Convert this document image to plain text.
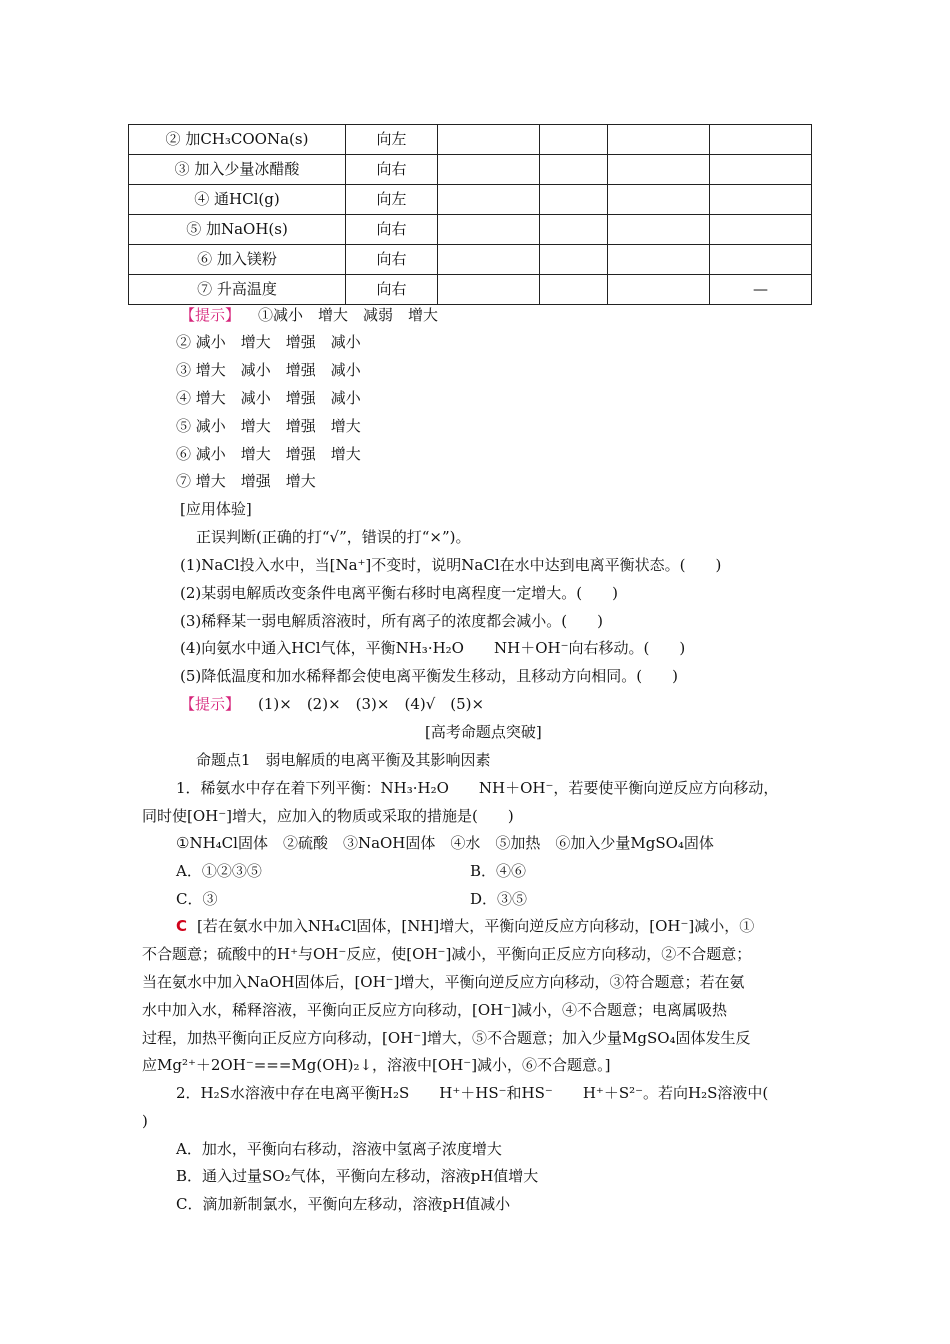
② 加CH₃COONa(s)	向左				
③ 加入少量冰醋酸	向右				
④ 通HCl(g)	向左				
⑤ 加NaOH(s)	向右				
⑥ 加入镁粉	向右				
⑦ 升高温度	向右				—
【提示】 ①减小　增大　减弱　增大
② 减小　增大　增强　减小
③ 增大　减小　增强　减小
④ 增大　减小　增强　减小
⑤ 减小　增大　增强　增大
⑥ 减小　增大　增强　增大
⑦ 增大　增强　增大
[应用体验]
正误判断(正确的打“√”，错误的打“×”)。
(1)NaCl投入水中，当[Na⁺]不变时，说明NaCl在水中达到电离平衡状态。(　　)
(2)某弱电解质改变条件电离平衡右移时电离程度一定增大。(　　)
(3)稀释某一弱电解质溶液时，所有离子的浓度都会减小。(　　)
(4)向氨水中通入HCl气体，平衡NH₃·H₂O　　NH＋OH⁻向右移动。(　　)
(5)降低温度和加水稀释都会使电离平衡发生移动，且移动方向相同。(　　)
【提示】 (1)×　(2)×　(3)×　(4)√　(5)×
[高考命题点突破]
命题点1　弱电解质的电离平衡及其影响因素
1．稀氨水中存在着下列平衡：NH₃·H₂O　　NH＋OH⁻，若要使平衡向逆反应方向移动，
同时使[OH⁻]增大，应加入的物质或采取的措施是(　　)
①NH₄Cl固体　②硫酸　③NaOH固体　④水　⑤加热　⑥加入少量MgSO₄固体
A．①②③⑤	B．④⑥
C．③	D．③⑤
C [若在氨水中加入NH₄Cl固体，[NH]增大，平衡向逆反应方向移动，[OH⁻]减小，①
不合题意；硫酸中的H⁺与OH⁻反应，使[OH⁻]减小，平衡向正反应方向移动，②不合题意；
当在氨水中加入NaOH固体后，[OH⁻]增大，平衡向逆反应方向移动，③符合题意；若在氨
水中加入水，稀释溶液，平衡向正反应方向移动，[OH⁻]减小，④不合题意；电离属吸热
过程，加热平衡向正反应方向移动，[OH⁻]增大，⑤不合题意；加入少量MgSO₄固体发生反
应Mg²⁺＋2OH⁻===Mg(OH)₂↓，溶液中[OH⁻]减小，⑥不合题意。]
2．H₂S水溶液中存在电离平衡H₂S　　H⁺＋HS⁻和HS⁻　　H⁺＋S²⁻。若向H₂S溶液中(
)
A．加水，平衡向右移动，溶液中氢离子浓度增大
B．通入过量SO₂气体，平衡向左移动，溶液pH值增大
C．滴加新制氯水，平衡向左移动，溶液pH值减小
